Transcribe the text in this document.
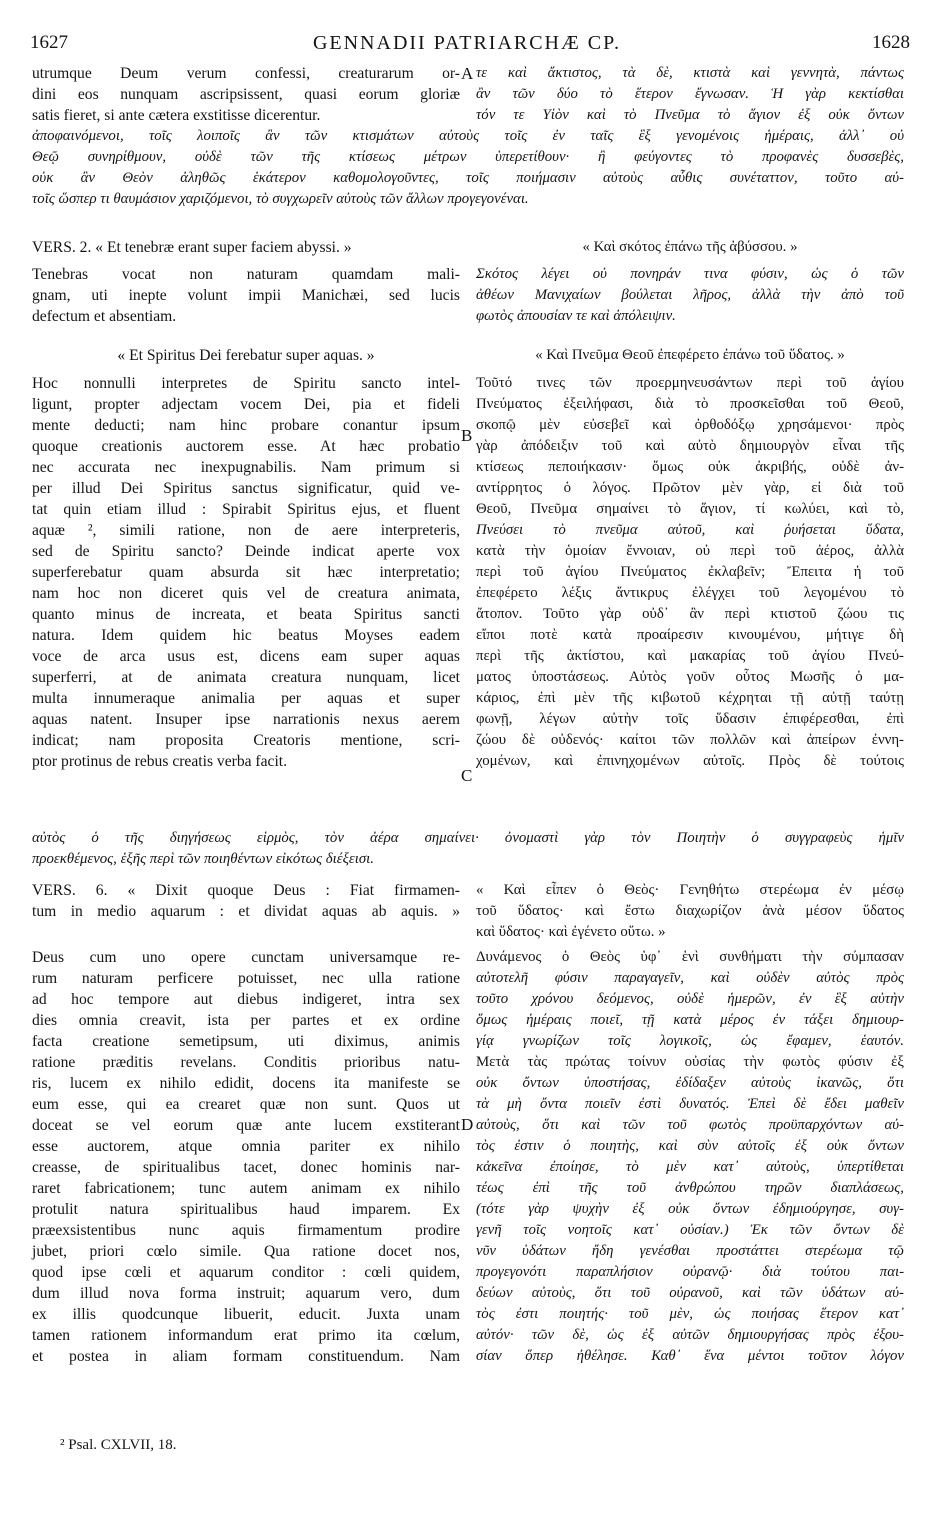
1627	GENNADII PATRIARCHÆ CP.	1628
utrumque Deum verum confessi, creaturarum or-
dini eos nunquam ascripsissent, quasi eorum gloriæ
satis fieret, si ante cætera exstitisse dicerentur.
A τε καὶ ἄκτιστος, τὰ δὲ, κτιστὰ καὶ γεννητὰ, πάντως
ἂν τῶν δύο τὸ ἕτερον ἔγνωσαν. Ἡ γὰρ κεκτίσθαι
τόν τε Υἱὸν καὶ τὸ Πνεῦμα τὸ ἅγιον ἐξ οὐκ ὄντων
ἀποφαινόμενοι, τοῖς λοιποῖς ἂν τῶν κτισμάτων αὐτοὺς τοῖς ἐν ταῖς ἓξ γενομένοις ἡμέραις, ἀλλ᾽ οὐ
Θεῷ συνηρίθμουν, οὐδὲ τῶν τῆς κτίσεως μέτρων ὑπερετίθουν· ἢ φεύγοντες τὸ προφανὲς δυσσεβὲς,
οὐκ ἂν Θεὸν ἀληθῶς ἑκάτερον καθομολογοῦντες, τοῖς ποιήμασιν αὐτοὺς αὖθις συνέταττον, τοῦτο αὐ-
τοῖς ὥσπερ τι θαυμάσιον χαριζόμενοι, τὸ συγχωρεῖν αὐτοὺς τῶν ἄλλων προγεγονέναι.
VERS. 2. « Et tenebræ erant super faciem abyssi. »
Tenebras vocat non naturam quamdam mali-
gnam, uti inepte volunt impii Manichæi, sed lucis
defectum et absentiam.
« Καὶ σκότος ἐπάνω τῆς ἀβύσσου. »
Σκότος λέγει οὐ πονηράν τινα φύσιν, ὡς ὁ τῶν
ἀθέων Μανιχαίων βούλεται λῆρος, ἀλλὰ τὴν ἀπὸ τοῦ
φωτὸς ἀπουσίαν τε καὶ ἀπόλειψιν.
« Et Spiritus Dei ferebatur super aquas. »
Hoc nonnulli interpretes de Spiritu sancto intel-
ligunt, propter adjectam vocem Dei, pia et fideli
mente deducti; nam hinc probare conantur ipsum
quoque creationis auctorem esse. At hæc probatio
nec accurata nec inexpugnabilis. Nam primum si
per illud Dei Spiritus sanctus significatur, quid ve-
tat quin etiam illud : Spirabit Spiritus ejus, et fluent
aquæ ², simili ratione, non de aere interpreteris,
sed de Spiritu sancto? Deinde indicat aperte vox
superferebatur quam absurda sit hæc interpretatio;
nam hoc non diceret quis vel de creatura animata,
quanto minus de increata, et beata Spiritus sancti
natura. Idem quidem hic beatus Moyses eadem
voce de arca usus est, dicens eam super aquas
superferri, at de animata creatura nunquam, licet
multa innumeraque animalia per aquas et super
aquas natent. Insuper ipse narrationis nexus aerem
indicat; nam proposita Creatoris mentione, scri-
ptor protinus de rebus creatis verba facit.
B
C
« Καὶ Πνεῦμα Θεοῦ ἐπεφέρετο ἐπάνω τοῦ ὕδατος. »
Τοῦτό τινες τῶν προερμηνευσάντων περὶ τοῦ ἁγίου
Πνεύματος ἐξειλήφασι, διὰ τὸ προσκεῖσθαι τοῦ Θεοῦ,
σκοπῷ μὲν εὐσεβεῖ καὶ ὀρθοδόξῳ χρησάμενοι· πρὸς
γὰρ ἀπόδειξιν τοῦ καὶ αὐτὸ δημιουργὸν εἶναι τῆς
κτίσεως πεποιήκασιν· ὅμως οὐκ ἀκριβής, οὐδὲ ἀν-
αντίρρητος ὁ λόγος. Πρῶτον μὲν γὰρ, εἰ διὰ τοῦ
Θεοῦ, Πνεῦμα σημαίνει τὸ ἅγιον, τί κωλύει, καὶ τὸ,
Πνεύσει τὸ πνεῦμα αὐτοῦ, καὶ ῥυήσεται ὕδατα,
κατὰ τὴν ὁμοίαν ἔννοιαν, οὐ περὶ τοῦ ἀέρος, ἀλλὰ
περὶ τοῦ ἁγίου Πνεύματος ἐκλαβεῖν; Ἔπειτα ἡ τοῦ
ἐπεφέρετο λέξις ἄντικρυς ἐλέγχει τοῦ λεγομένου τὸ
ἄτοπον. Τοῦτο γὰρ οὐδ᾽ ἂν περὶ κτιστοῦ ζώου τις
εἴποι ποτὲ κατὰ προαίρεσιν κινουμένου, μήτιγε δὴ
περὶ τῆς ἀκτίστου, καὶ μακαρίας τοῦ ἁγίου Πνεύ-
ματος ὑποστάσεως. Αὐτὸς γοῦν οὗτος Μωσῆς ὁ μα-
κάριος, ἐπὶ μὲν τῆς κιβωτοῦ κέχρηται τῇ αὐτῇ ταύτῃ
φωνῇ, λέγων αὐτὴν τοῖς ὕδασιν ἐπιφέρεσθαι, ἐπὶ
ζώου δὲ οὐδενός· καίτοι τῶν πολλῶν καὶ ἀπείρων ἐννη-
χομένων, καὶ ἐπινηχομένων αὐτοῖς. Πρὸς δὲ τούτοις
αὐτὸς ὁ τῆς διηγήσεως εἱρμὸς, τὸν ἀέρα σημαίνει· ὀνομαστὶ γὰρ τὸν Ποιητὴν ὁ συγγραφεὺς ἡμῖν
προεκθέμενος, ἑξῆς περὶ τῶν ποιηθέντων εἰκότως διέξεισι.
VERS. 6. « Dixit quoque Deus : Fiat firmamen-
tum in medio aquarum : et dividat aquas ab aquis. »
« Καὶ εἶπεν ὁ Θεὸς· Γενηθήτω στερέωμα ἐν μέσῳ
τοῦ ὕδατος· καὶ ἔστω διαχωρίζον ἀνὰ μέσον ὕδατος
καὶ ὕδατος· καὶ ἐγένετο οὕτω. »
Deus cum uno opere cunctam universamque re-
rum naturam perficere potuisset, nec ulla ratione
ad hoc tempore aut diebus indigeret, intra sex
dies omnia creavit, ista per partes et ex ordine
facta creatione semetipsum, uti diximus, animis
ratione præditis revelans. Conditis prioribus natu-
ris, lucem ex nihilo edidit, docens ita manifeste se
eum esse, qui ea crearet quæ non sunt. Quos ut
doceat se vel eorum quæ ante lucem exstiterant
esse auctorem, atque omnia pariter ex nihilo
creasse, de spiritualibus tacet, donec hominis nar-
raret fabricationem; tunc autem animam ex nihilo
protulit natura spiritualibus haud imparem. Ex
præexsistentibus nunc aquis firmamentum prodire
jubet, priori cœlo simile. Qua ratione docet nos,
quod ipse cœli et aquarum conditor : cœli quidem,
dum illud nova forma instruit; aquarum vero, dum
ex illis quodcunque libuerit, educit. Juxta unam
tamen rationem informandum erat primo ita cœlum,
et postea in aliam formam constituendum. Nam
D
Δυνάμενος ὁ Θεὸς ὑφ᾽ ἑνὶ συνθήματι τὴν σύμπασαν
αὐτοτελῆ φύσιν παραγαγεῖν, καὶ οὐδὲν αὐτὸς πρὸς
τοῦτο χρόνου δεόμενος, οὐδὲ ἡμερῶν, ἐν ἓξ αὐτὴν
ὅμως ἡμέραις ποιεῖ, τῇ κατὰ μέρος ἐν τάξει δημιουρ-
γίᾳ γνωρίζων τοῖς λογικοῖς, ὡς ἔφαμεν, ἑαυτόν.
Μετὰ τὰς πρώτας τοίνυν οὐσίας τὴν φωτὸς φύσιν ἐξ
οὐκ ὄντων ὑποστήσας, ἐδίδαξεν αὐτοὺς ἱκανῶς, ὅτι
τὰ μὴ ὄντα ποιεῖν ἐστὶ δυνατός. Ἐπεὶ δὲ ἔδει μαθεῖν
αὐτοὺς, ὅτι καὶ τῶν τοῦ φωτὸς προϋπαρχόντων αὐ-
τὸς ἐστιν ὁ ποιητὴς, καὶ σὺν αὐτοῖς ἐξ οὐκ ὄντων
κἀκεῖνα ἐποίησε, τὸ μὲν κατ᾽ αὐτοὺς, ὑπερτίθεται
τέως ἐπὶ τῆς τοῦ ἀνθρώπου τηρῶν διαπλάσεως,
(τότε γὰρ ψυχὴν ἐξ οὐκ ὄντων ἐδημιούργησε, συγ-
γενῆ τοῖς νοητοῖς κατ᾽ οὐσίαν.) Ἐκ τῶν ὄντων δὲ
νῦν ὑδάτων ἤδη γενέσθαι προστάττει στερέωμα τῷ
προγεγονότι παραπλήσιον οὐρανῷ· διὰ τούτου παι-
δεύων αὐτοὺς, ὅτι τοῦ οὐρανοῦ, καὶ τῶν ὑδάτων αὐ-
τὸς ἐστι ποιητής· τοῦ μὲν, ὡς ποιήσας ἕτερον κατ᾽
αὐτόν· τῶν δὲ, ὡς ἐξ αὐτῶν δημιουργήσας πρὸς ἐξου-
σίαν ὅπερ ἠθέλησε. Καθ᾽ ἕνα μέντοι τοῦτον λόγον
² Psal. CXLVII, 18.
